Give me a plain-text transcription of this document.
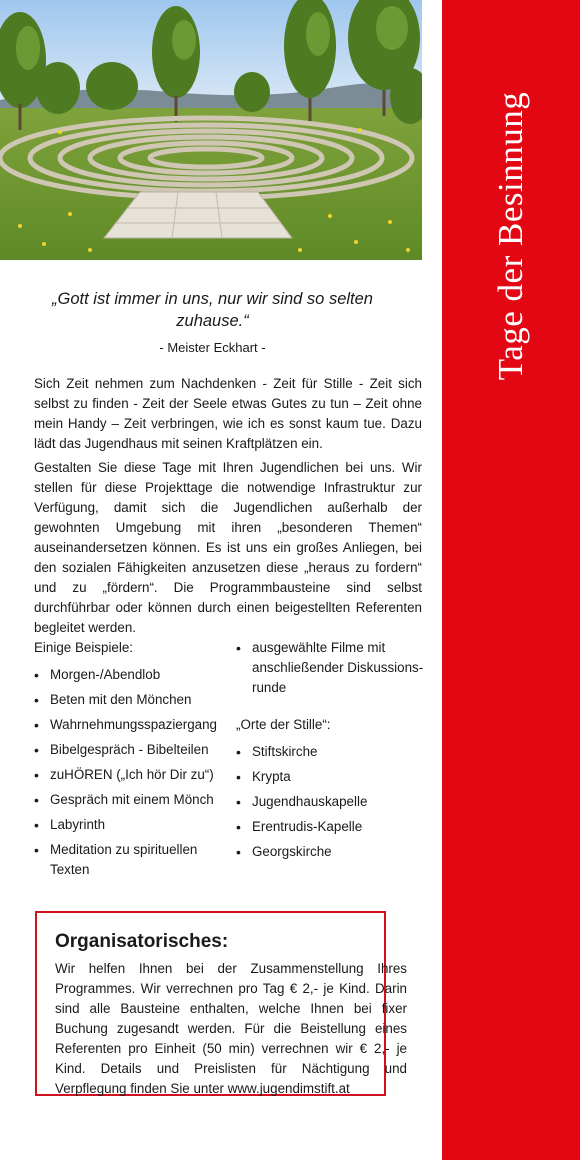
Tage der Besinnung
„Gott ist immer in uns, nur wir sind so selten zuhause.“
- Meister Eckhart -

Sich Zeit nehmen zum Nachdenken - Zeit für Stille - Zeit sich selbst zu finden - Zeit der Seele etwas Gutes zu tun – Zeit ohne mein Handy – Zeit verbringen, wie ich es sonst kaum tue. Dazu lädt das Jugendhaus mit seinen Kraftplätzen ein.

Gestalten Sie diese Tage mit Ihren Jugendlichen bei uns. Wir stellen für diese Projekttage die notwendige Infrastruktur zur Verfügung, damit sich die Jugendlichen außerhalb der gewohnten Umgebung mit ihren „besonderen Themen“ auseinandersetzen können. Es ist uns ein großes Anliegen, bei den sozialen Fähigkeiten anzusetzen diese „heraus zu fordern“ und zu „fördern“. Die Programmbausteine sind selbst durchführbar oder können durch einen beigestellten Referenten begleitet werden.

Einige Beispiele:
• Morgen-/Abendlob
• Beten mit den Mönchen
• Wahrnehmungsspaziergang
• Bibelgespräch - Bibelteilen
• zuHÖREN („Ich hör Dir zu“)
• Gespräch mit einem Mönch
• Labyrinth
• Meditation zu spirituellen Texten
• ausgewählte Filme mit anschließender Diskussions-runde
„Orte der Stille“:
• Stiftskirche
• Krypta
• Jugendhauskapelle
• Erentrudis-Kapelle
• Georgskirche
Organisatorisches:

Wir helfen Ihnen bei der Zusammenstellung Ihres Programmes. Wir verrechnen pro Tag € 2,- je Kind. Darin sind alle Bausteine enthalten, welche Ihnen bei fixer Buchung zugesandt werden. Für die Beistellung eines Referenten pro Einheit (50 min) verrechnen wir € 2,- je Kind. Details und Preislisten für Nächtigung und Verpflegung finden Sie unter www.jugendimstift.at
